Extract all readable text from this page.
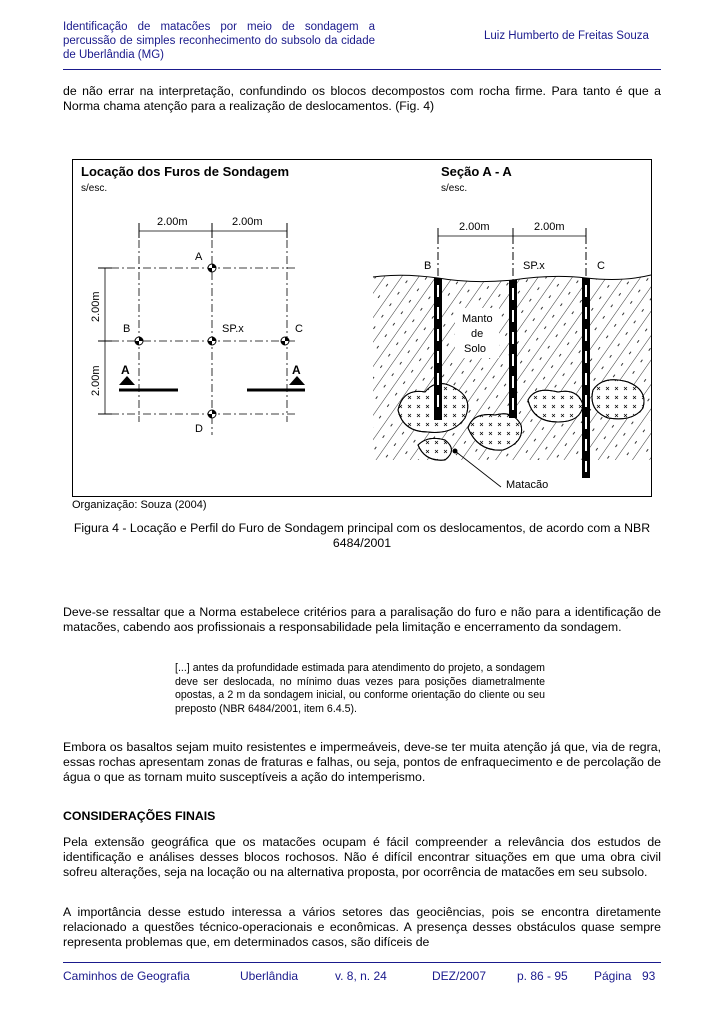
Identificação de matacões por meio de sondagem a percussão de simples reconhecimento do subsolo da cidade de Uberlândia (MG)
Luiz Humberto de Freitas Souza
de não errar na interpretação, confundindo os blocos decompostos com rocha firme. Para tanto é que a Norma chama atenção para a realização de deslocamentos. (Fig. 4)
Locação dos Furos de Sondagem
s/esc.
2.00m	2.00m
2.00m
2.00m
A
B	SP.x	C
D
A	A
Seção A - A
s/esc.
2.00m	2.00m
B	SP.x	C
Manto
de
Solo
Matacão
Organização: Souza (2004)
Figura 4 - Locação e Perfil do Furo de Sondagem principal com os deslocamentos, de acordo com a NBR 6484/2001
Deve-se ressaltar que a Norma estabelece critérios para a paralisação do furo e não para a identificação de matacões, cabendo aos profissionais a responsabilidade pela limitação e encerramento da sondagem.
[...] antes da profundidade estimada para atendimento do projeto, a sondagem deve ser deslocada, no mínimo duas vezes para posições diametralmente opostas, a 2 m da sondagem inicial, ou conforme orientação do cliente ou seu preposto (NBR 6484/2001, item 6.4.5).
Embora os basaltos sejam muito resistentes e impermeáveis, deve-se ter muita atenção já que, via de regra, essas rochas apresentam zonas de fraturas e falhas, ou seja, pontos de enfraquecimento e de percolação de água o que as tornam muito susceptíveis a ação do intemperismo.
CONSIDERAÇÕES FINAIS
Pela extensão geográfica que os matacões ocupam é fácil compreender a relevância dos estudos de identificação e análises desses blocos rochosos. Não é difícil encontrar situações em que uma obra civil sofreu alterações, seja na locação ou na alternativa proposta, por ocorrência de matacões em seu subsolo.
A importância desse estudo interessa a vários setores das geociências, pois se encontra diretamente relacionado a questões técnico-operacionais e econômicas. A presença desses obstáculos quase sempre representa problemas que, em determinados casos, são difíceis de
Caminhos de Geografia	Uberlândia	v. 8, n. 24	DEZ/2007	p. 86 - 95 Página 93
